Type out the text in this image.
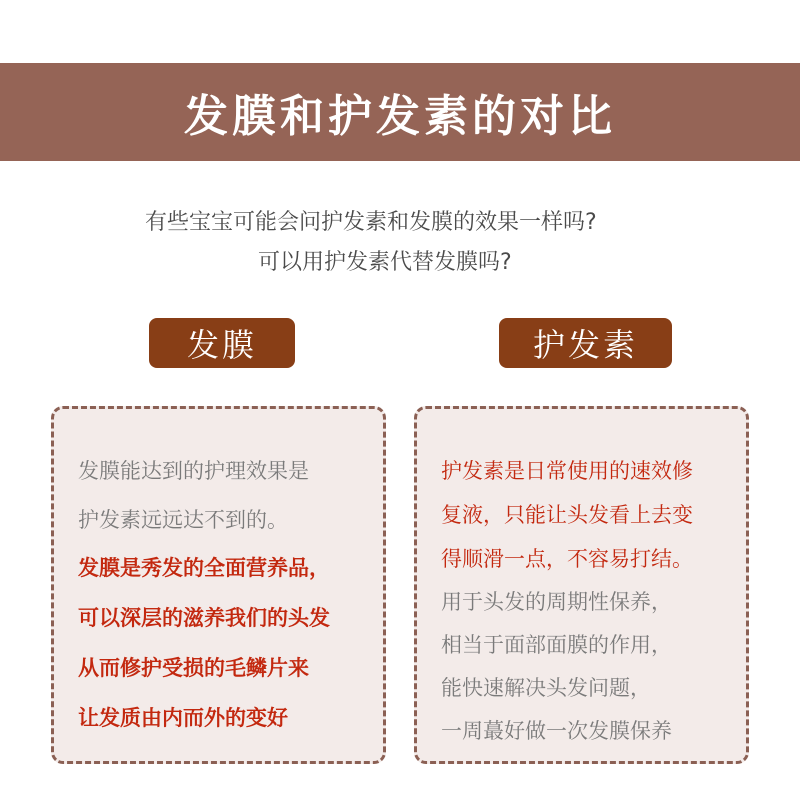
发膜和护发素的对比
有些宝宝可能会问护发素和发膜的效果一样吗?
可以用护发素代替发膜吗?
发膜	护发素
发膜能达到的护理效果是
护发素远远达不到的。
发膜是秀发的全面营养品，
可以深层的滋养我们的头发
从而修护受损的毛鳞片来
让发质由内而外的变好
护发素是日常使用的速效修
复液，只能让头发看上去变
得顺滑一点，不容易打结。
用于头发的周期性保养，
相当于面部面膜的作用，
能快速解决头发问题，
一周蕞好做一次发膜保养
